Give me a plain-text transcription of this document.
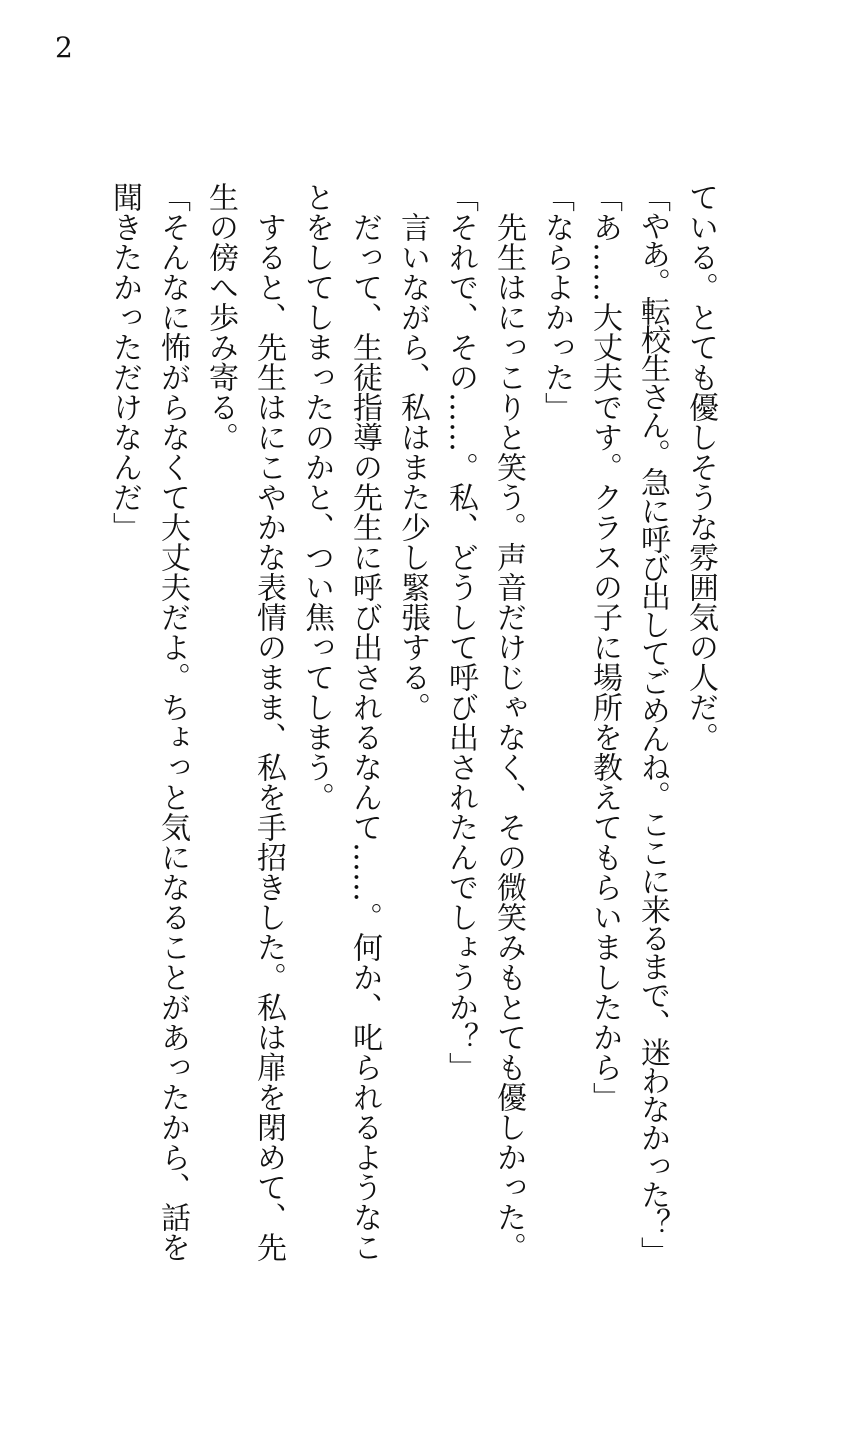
2
ている。とても優しそうな雰囲気の人だ。
「やあ。転校生さん。急に呼び出してごめんね。ここに来るまで、迷わなかった？」
「あ……大丈夫です。クラスの子に場所を教えてもらいましたから」
「ならよかった」
先生はにっこりと笑う。声音だけじゃなく、その微笑みもとても優しかった。
「それで、その……。私、どうして呼び出されたんでしょうか？」
言いながら、私はまた少し緊張する。
だって、生徒指導の先生に呼び出されるなんて……。何か、叱られるようなこ
とをしてしまったのかと、つい焦ってしまう。
すると、先生はにこやかな表情のまま、私を手招きした。私は扉を閉めて、先
生の傍へ歩み寄る。
「そんなに怖がらなくて大丈夫だよ。ちょっと気になることがあったから、話を
聞きたかっただけなんだ」
